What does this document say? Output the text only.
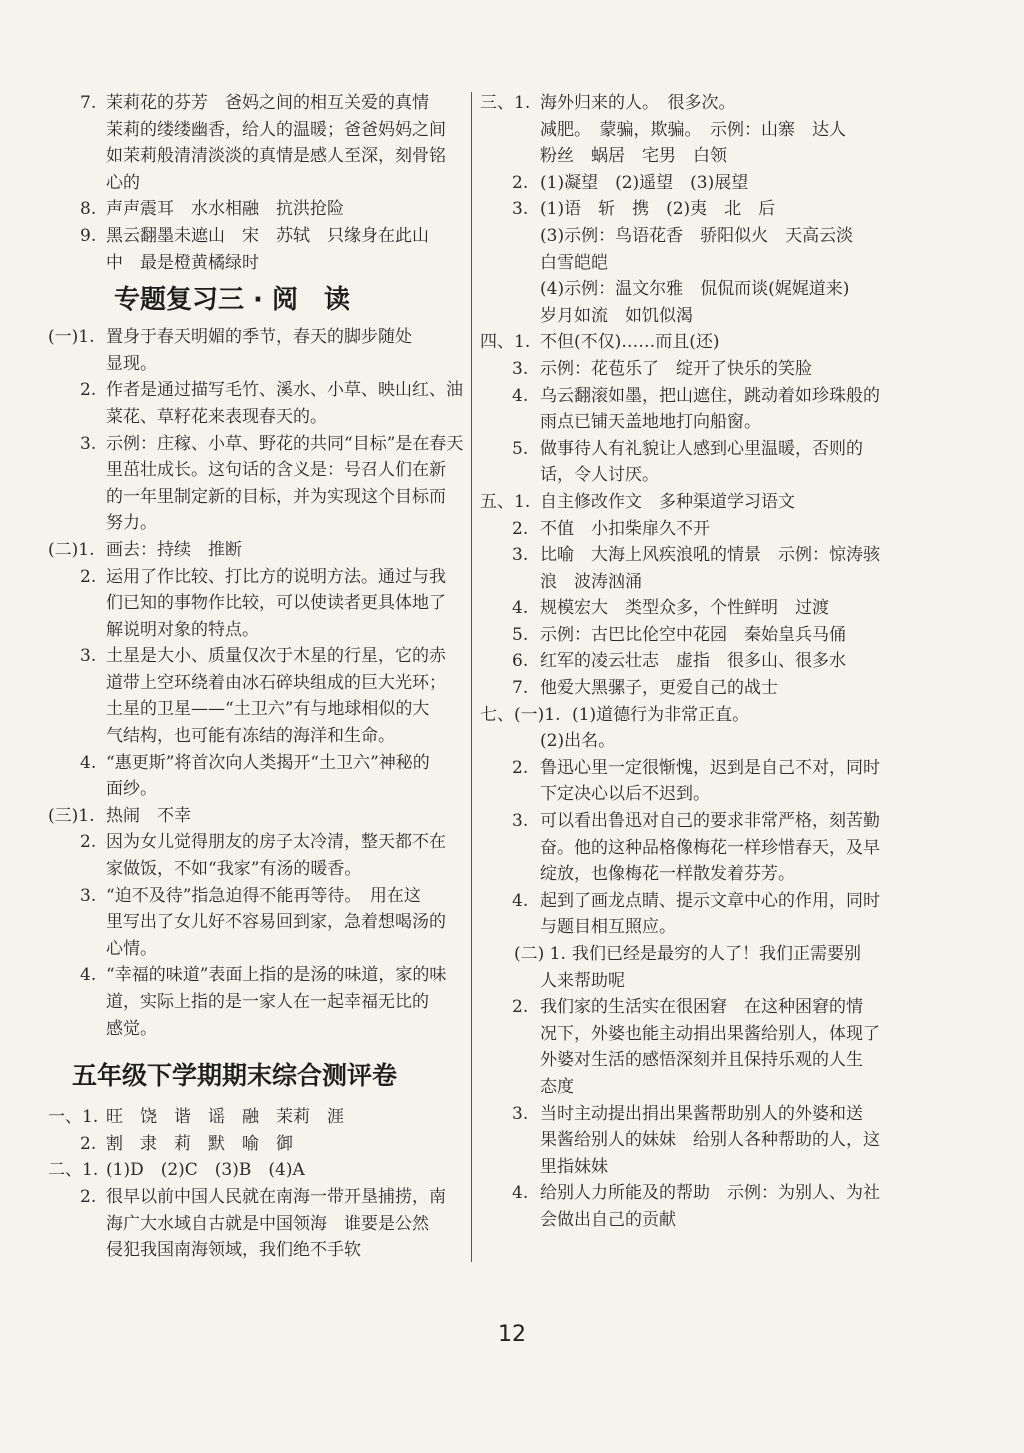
7. 茉莉花的芬芳　爸妈之间的相互关爱的真情
茉莉的缕缕幽香，给人的温暖；爸爸妈妈之间
如茉莉般清清淡淡的真情是感人至深，刻骨铭
心的
8. 声声震耳　水水相融　抗洪抢险
9. 黑云翻墨未遮山　宋　苏轼　只缘身在此山
中　最是橙黄橘绿时
专题复习三 · 阅　读
(一)1. 置身于春天明媚的季节，春天的脚步随处
显现。
2. 作者是通过描写毛竹、溪水、小草、映山红、油
菜花、草籽花来表现春天的。
3. 示例：庄稼、小草、野花的共同“目标”是在春天
里茁壮成长。这句话的含义是：号召人们在新
的一年里制定新的目标，并为实现这个目标而
努力。
(二)1. 画去：持续　推断
2. 运用了作比较、打比方的说明方法。通过与我
们已知的事物作比较，可以使读者更具体地了
解说明对象的特点。
3. 土星是大小、质量仅次于木星的行星，它的赤
道带上空环绕着由冰石碎块组成的巨大光环；
土星的卫星——“土卫六”有与地球相似的大
气结构，也可能有冻结的海洋和生命。
4. “惠更斯”将首次向人类揭开“土卫六”神秘的
面纱。
(三)1. 热闹　不幸
2. 因为女儿觉得朋友的房子太冷清，整天都不在
家做饭，不如“我家”有汤的暖香。
3. “迫不及待”指急迫得不能再等待。　用在这
里写出了女儿好不容易回到家，急着想喝汤的
心情。
4. “幸福的味道”表面上指的是汤的味道，家的味
道，实际上指的是一家人在一起幸福无比的
感觉。
五年级下学期期末综合测评卷
一、1. 旺　饶　谐　谣　融　茉莉　涯
2. 割　隶　莉　默　喻　御
二、1. (1)D　(2)C　(3)B　(4)A
2. 很早以前中国人民就在南海一带开垦捕捞，南
海广大水域自古就是中国领海　谁要是公然
侵犯我国南海领域，我们绝不手软
三、1. 海外归来的人。　很多次。
减肥。　蒙骗，欺骗。　示例：山寨　达人
粉丝　蜗居　宅男　白领
2. (1)凝望　(2)遥望　(3)展望
3. (1)语　斩　携　(2)夷　北　后
(3)示例：鸟语花香　骄阳似火　天高云淡
白雪皑皑
(4)示例：温文尔雅　侃侃而谈(娓娓道来)
岁月如流　如饥似渴
四、1. 不但(不仅)……而且(还)
3. 示例：花苞乐了　绽开了快乐的笑脸
4. 乌云翻滚如墨，把山遮住，跳动着如珍珠般的
雨点已铺天盖地地打向船窗。
5. 做事待人有礼貌让人感到心里温暖，否则的
话，令人讨厌。
五、1. 自主修改作文　多种渠道学习语文
2. 不值　小扣柴扉久不开
3. 比喻　大海上风疾浪吼的情景　示例：惊涛骇
浪　波涛汹涌
4. 规模宏大　类型众多，个性鲜明　过渡
5. 示例：古巴比伦空中花园　秦始皇兵马俑
6. 红军的凌云壮志　虚指　很多山、很多水
7. 他爱大黑骡子，更爱自己的战士
七、(一)1. (1)道德行为非常正直。
(2)出名。
2. 鲁迅心里一定很惭愧，迟到是自己不对，同时
下定决心以后不迟到。
3. 可以看出鲁迅对自己的要求非常严格，刻苦勤
奋。他的这种品格像梅花一样珍惜春天，及早
绽放，也像梅花一样散发着芬芳。
4. 起到了画龙点睛、提示文章中心的作用，同时
与题目相互照应。
(二) 1. 我们已经是最穷的人了！我们正需要别
人来帮助呢
2. 我们家的生活实在很困窘　在这种困窘的情
况下，外婆也能主动捐出果酱给别人，体现了
外婆对生活的感悟深刻并且保持乐观的人生
态度
3. 当时主动提出捐出果酱帮助别人的外婆和送
果酱给别人的妹妹　给别人各种帮助的人，这
里指妹妹
4. 给别人力所能及的帮助　示例：为别人、为社
会做出自己的贡献
12
